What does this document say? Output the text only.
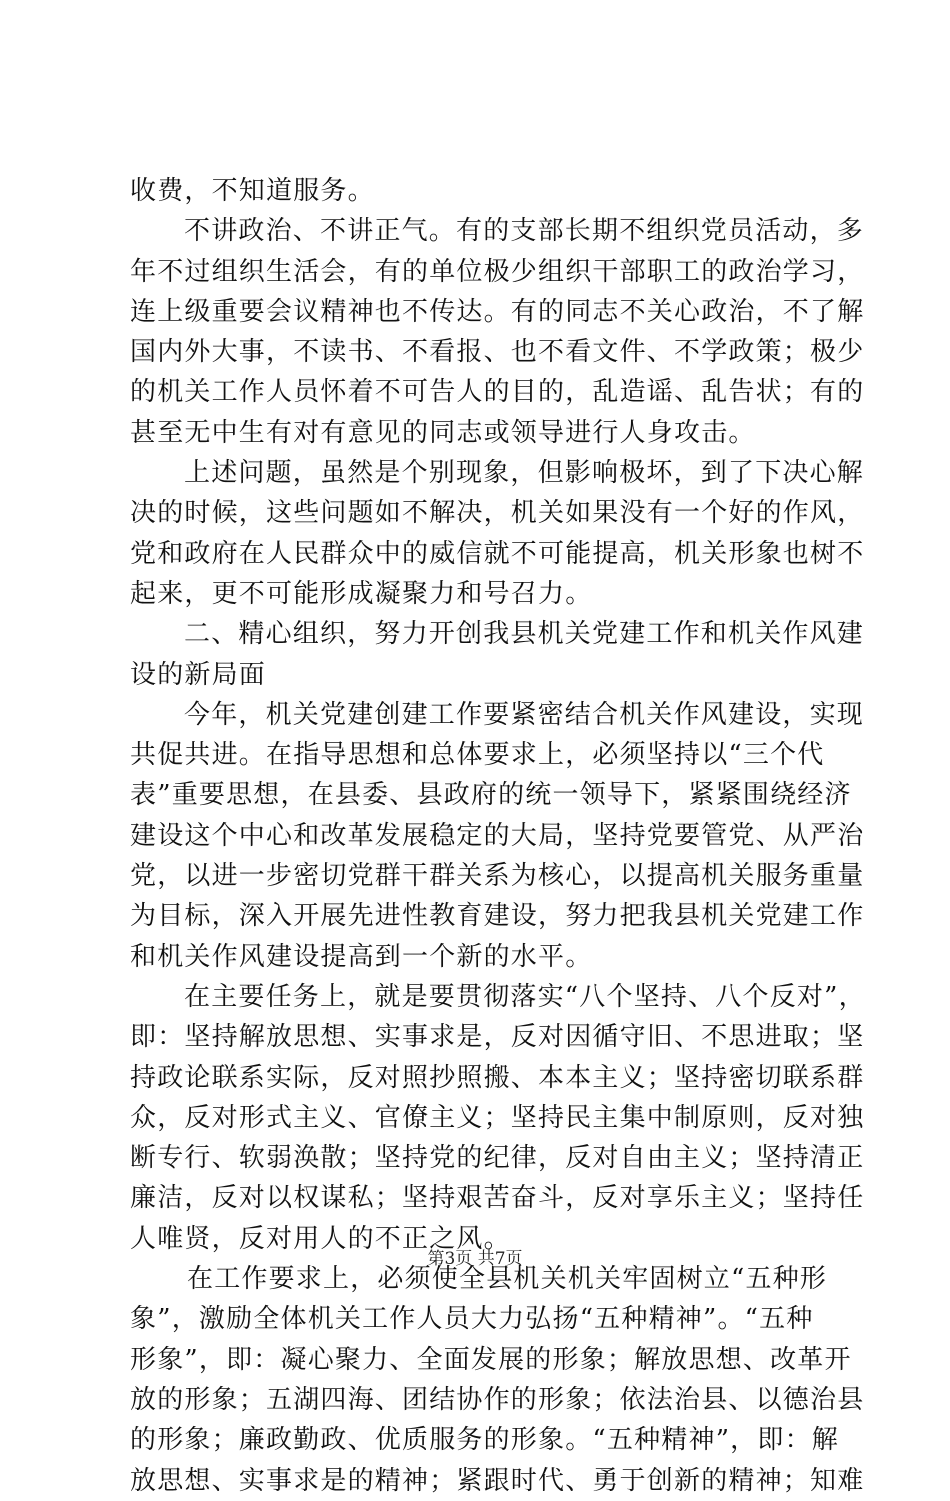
收费，不知道服务。
不讲政治、不讲正气。有的支部长期不组织党员活动，多
年不过组织生活会，有的单位极少组织干部职工的政治学习，
连上级重要会议精神也不传达。有的同志不关心政治，不了解
国内外大事，不读书、不看报、也不看文件、不学政策；极少
的机关工作人员怀着不可告人的目的，乱造谣、乱告状；有的
甚至无中生有对有意见的同志或领导进行人身攻击。
上述问题，虽然是个别现象，但影响极坏，到了下决心解
决的时候，这些问题如不解决，机关如果没有一个好的作风，
党和政府在人民群众中的威信就不可能提高，机关形象也树不
起来，更不可能形成凝聚力和号召力。
二、精心组织，努力开创我县机关党建工作和机关作风建
设的新局面
今年，机关党建创建工作要紧密结合机关作风建设，实现
共促共进。在指导思想和总体要求上，必须坚持以“三个代
表”重要思想，在县委、县政府的统一领导下，紧紧围绕经济
建设这个中心和改革发展稳定的大局，坚持党要管党、从严治
党，以进一步密切党群干群关系为核心，以提高机关服务重量
为目标，深入开展先进性教育建设，努力把我县机关党建工作
和机关作风建设提高到一个新的水平。
在主要任务上，就是要贯彻落实“八个坚持、八个反对”，
即：坚持解放思想、实事求是，反对因循守旧、不思进取；坚
持政论联系实际，反对照抄照搬、本本主义；坚持密切联系群
众，反对形式主义、官僚主义；坚持民主集中制原则，反对独
断专行、软弱涣散；坚持党的纪律，反对自由主义；坚持清正
廉洁，反对以权谋私；坚持艰苦奋斗，反对享乐主义；坚持任
人唯贤，反对用人的不正之风。
在工作要求上，必须使全县机关机关牢固树立“五种形
象”，激励全体机关工作人员大力弘扬“五种精神”。“五种
形象”，即：凝心聚力、全面发展的形象；解放思想、改革开
放的形象；五湖四海、团结协作的形象；依法治县、以德治县
的形象；廉政勤政、优质服务的形象。“五种精神”，即：解
放思想、实事求是的精神；紧跟时代、勇于创新的精神；知难
第3页 共7页
